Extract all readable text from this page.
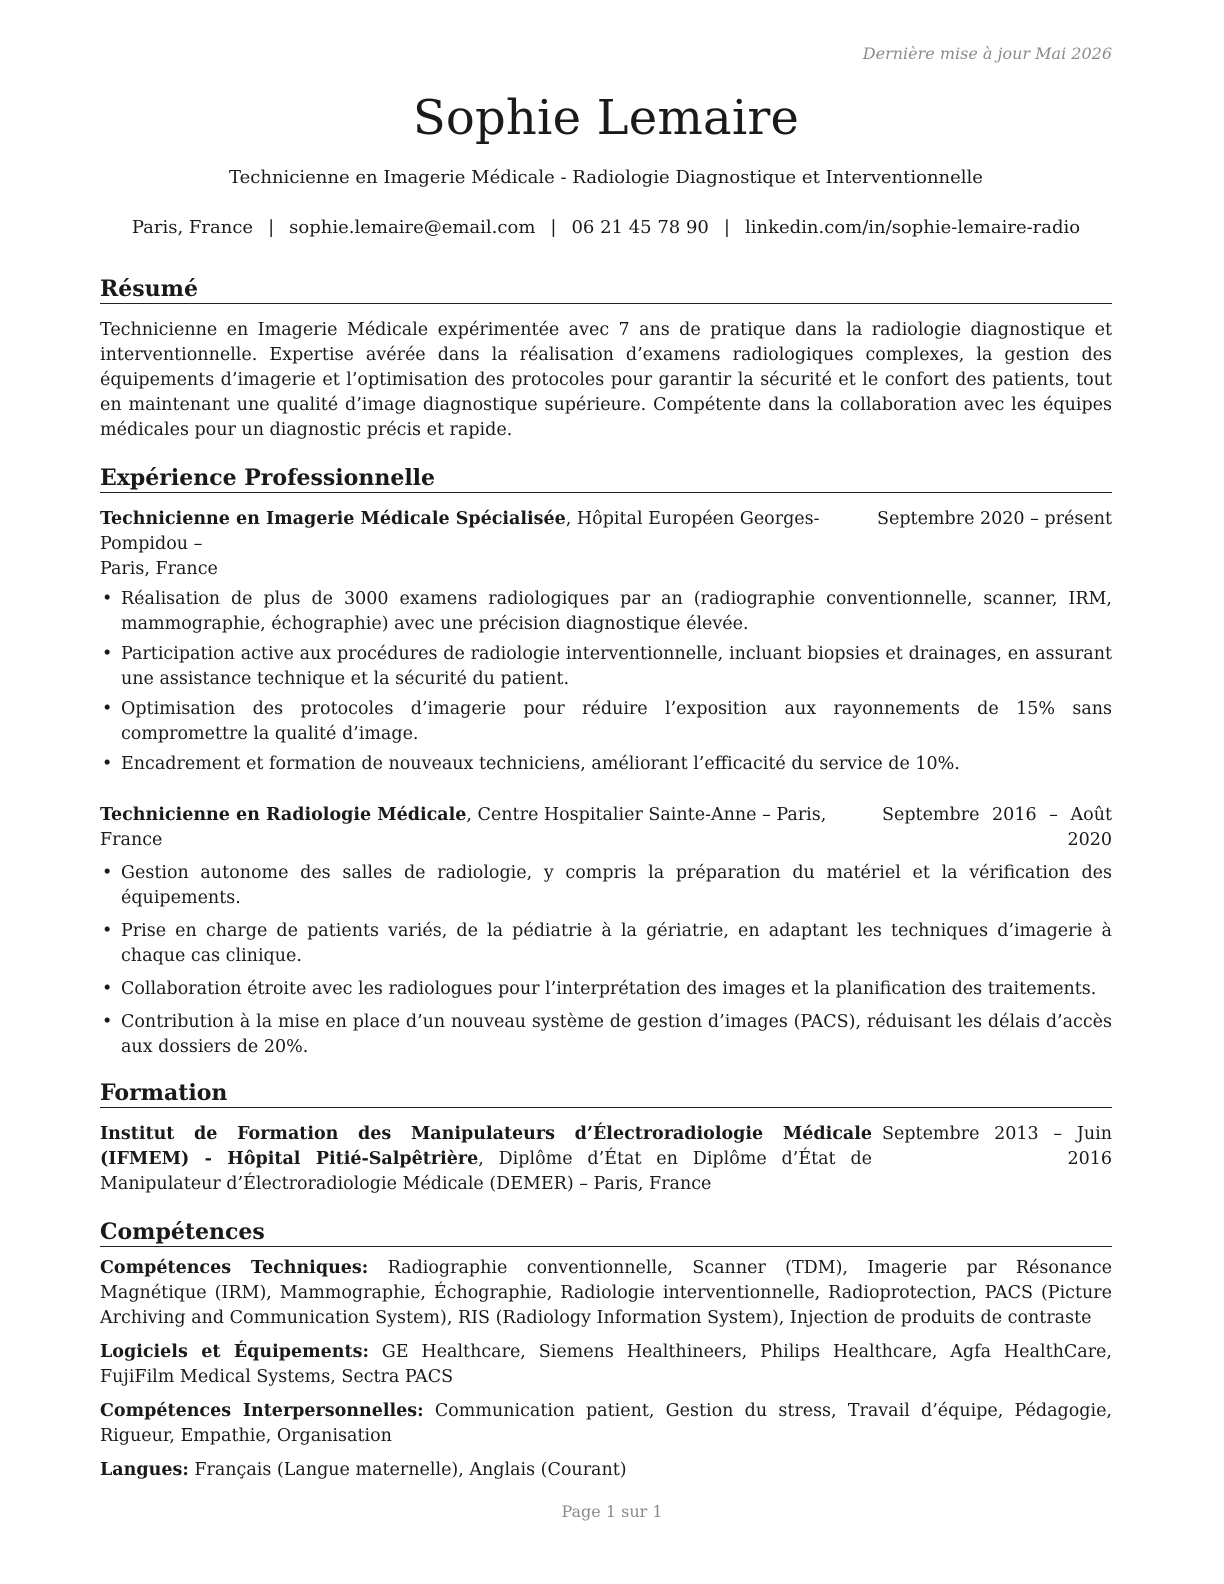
Dernière mise à jour Mai 2026
Sophie Lemaire
Technicienne en Imagerie Médicale - Radiologie Diagnostique et Interventionnelle
Paris, France | sophie.lemaire@email.com | 06 21 45 78 90 | linkedin.com/in/sophie-lemaire-radio
Résumé

Technicienne en Imagerie Médicale expérimentée avec 7 ans de pratique dans la radiologie diagnostique et interventionnelle. Expertise avérée dans la réalisation d’examens radiologiques complexes, la gestion des équipements d’imagerie et l’optimisation des protocoles pour garantir la sécurité et le confort des patients, tout en maintenant une qualité d’image diagnostique supérieure. Compétente dans la collaboration avec les équipes médicales pour un diagnostic précis et rapide.

Expérience Professionnelle
Technicienne en Imagerie Médicale Spécialisée, Hôpital Européen Georges-Pompidou –
Paris, France
Septembre 2020 – présent
• Réalisation de plus de 3000 examens radiologiques par an (radiographie conventionnelle, scanner, IRM, mammographie, échographie) avec une précision diagnostique élevée.
• Participation active aux procédures de radiologie interventionnelle, incluant biopsies et drainages, en assurant une assistance technique et la sécurité du patient.
• Optimisation des protocoles d’imagerie pour réduire l’exposition aux rayonnements de 15% sans compromettre la qualité d’image.
• Encadrement et formation de nouveaux techniciens, améliorant l’efficacité du service de 10%.
Technicienne en Radiologie Médicale, Centre Hospitalier Sainte-Anne – Paris, France
Septembre 2016 – Août 2020
• Gestion autonome des salles de radiologie, y compris la préparation du matériel et la vérification des équipements.
• Prise en charge de patients variés, de la pédiatrie à la gériatrie, en adaptant les techniques d’imagerie à chaque cas clinique.
• Collaboration étroite avec les radiologues pour l’interprétation des images et la planification des traitements.
• Contribution à la mise en place d’un nouveau système de gestion d’images (PACS), réduisant les délais d’accès aux dossiers de 20%.
Formation
Institut de Formation des Manipulateurs d’Électroradiologie Médicale (IFMEM) - Hôpital Pitié-Salpêtrière, Diplôme d’État en Diplôme d’État de Manipulateur d’Électroradiologie Médicale (DEMER) – Paris, France
Septembre 2013 – Juin 2016
Compétences

Compétences Techniques: Radiographie conventionnelle, Scanner (TDM), Imagerie par Résonance Magnétique (IRM), Mammographie, Échographie, Radiologie interventionnelle, Radioprotection, PACS (Picture Archiving and Communication System), RIS (Radiology Information System), Injection de produits de contraste

Logiciels et Équipements: GE Healthcare, Siemens Healthineers, Philips Healthcare, Agfa HealthCare, FujiFilm Medical Systems, Sectra PACS

Compétences Interpersonnelles: Communication patient, Gestion du stress, Travail d’équipe, Pédagogie, Rigueur, Empathie, Organisation

Langues: Français (Langue maternelle), Anglais (Courant)

Page 1 sur 1
